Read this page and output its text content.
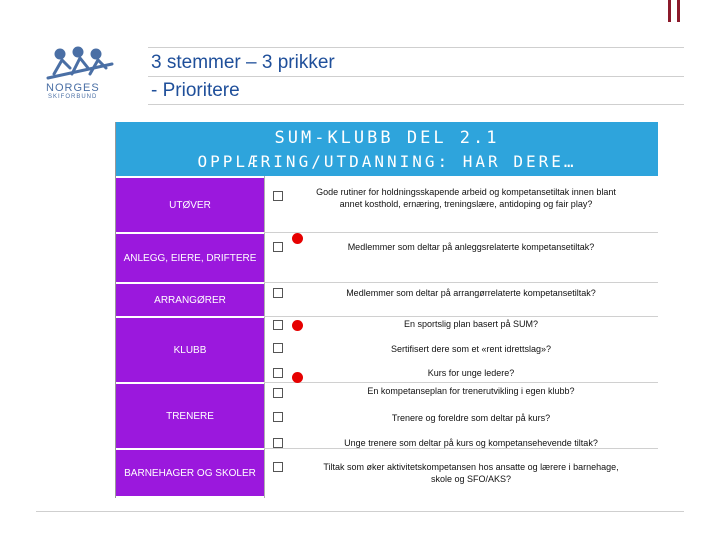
NORGES
SKIFORBUND
3 stemmer – 3 prikker
- Prioritere
SUM-KLUBB DEL 2.1
OPPLÆRING/UTDANNING: HAR DERE…
UTØVER
ANLEGG, EIERE, DRIFTERE
ARRANGØRER
KLUBB
TRENERE
BARNEHAGER OG SKOLER
Gode rutiner for holdningsskapende arbeid og kompetansetiltak innen blant annet kosthold, ernæring, treningslære, antidoping og fair play?
Medlemmer som deltar på anleggsrelaterte kompetansetiltak?
Medlemmer som deltar på arrangørrelaterte kompetansetiltak?
En sportslig plan basert på SUM?
Sertifisert dere som et «rent idrettslag»?
Kurs for unge ledere?
En kompetanseplan for trenerutvikling i egen klubb?
Trenere og foreldre som deltar på kurs?
Unge trenere som deltar på kurs og kompetansehevende tiltak?
Tiltak som øker aktivitetskompetansen hos ansatte og lærere i barnehage, skole og SFO/AKS?
